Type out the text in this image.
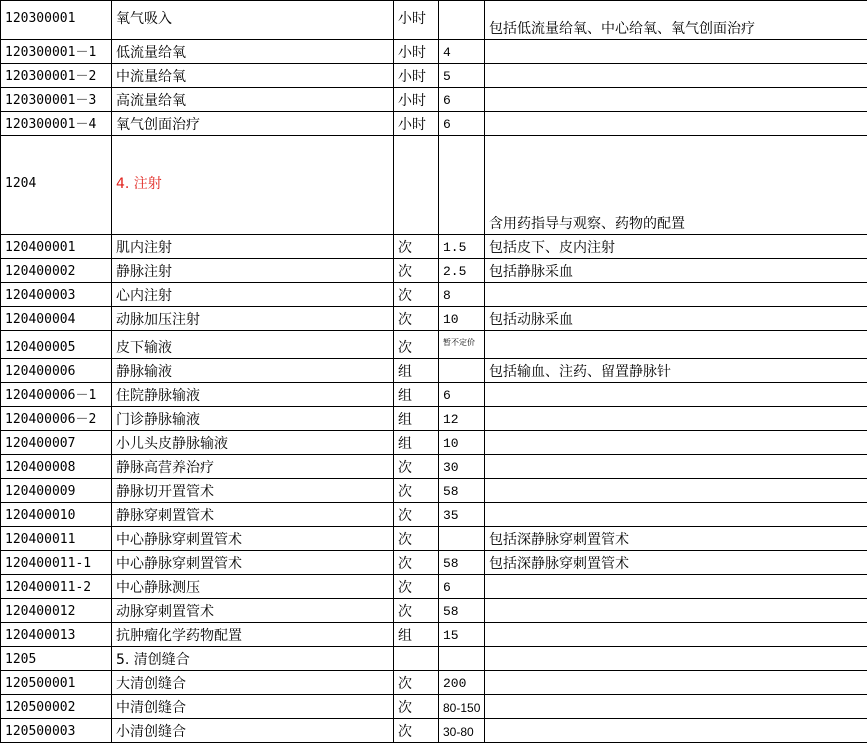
120300001	氧气吸入	小时		包括低流量给氧、中心给氧、氧气创面治疗
120300001－1	低流量给氧	小时	4	
120300001－2	中流量给氧	小时	5	
120300001－3	高流量给氧	小时	6	
120300001－4	氧气创面治疗	小时	6	
1204	4. 注射			含用药指导与观察、药物的配置
120400001	肌内注射	次	1.5	包括皮下、皮内注射
120400002	静脉注射	次	2.5	包括静脉采血
120400003	心内注射	次	8	
120400004	动脉加压注射	次	10	包括动脉采血
120400005	皮下输液	次	暂不定价	
120400006	静脉输液	组		包括输血、注药、留置静脉针
120400006－1	住院静脉输液	组	6	
120400006－2	门诊静脉输液	组	12	
120400007	小儿头皮静脉输液	组	10	
120400008	静脉高营养治疗	次	30	
120400009	静脉切开置管术	次	58	
120400010	静脉穿刺置管术	次	35	
120400011	中心静脉穿刺置管术	次		包括深静脉穿刺置管术
120400011-1	中心静脉穿刺置管术	次	58	包括深静脉穿刺置管术
120400011-2	中心静脉测压	次	6	
120400012	动脉穿刺置管术	次	58	
120400013	抗肿瘤化学药物配置	组	15	
1205	5. 清创缝合			
120500001	大清创缝合	次	200	
120500002	中清创缝合	次	80-150	
120500003	小清创缝合	次	30-80	
